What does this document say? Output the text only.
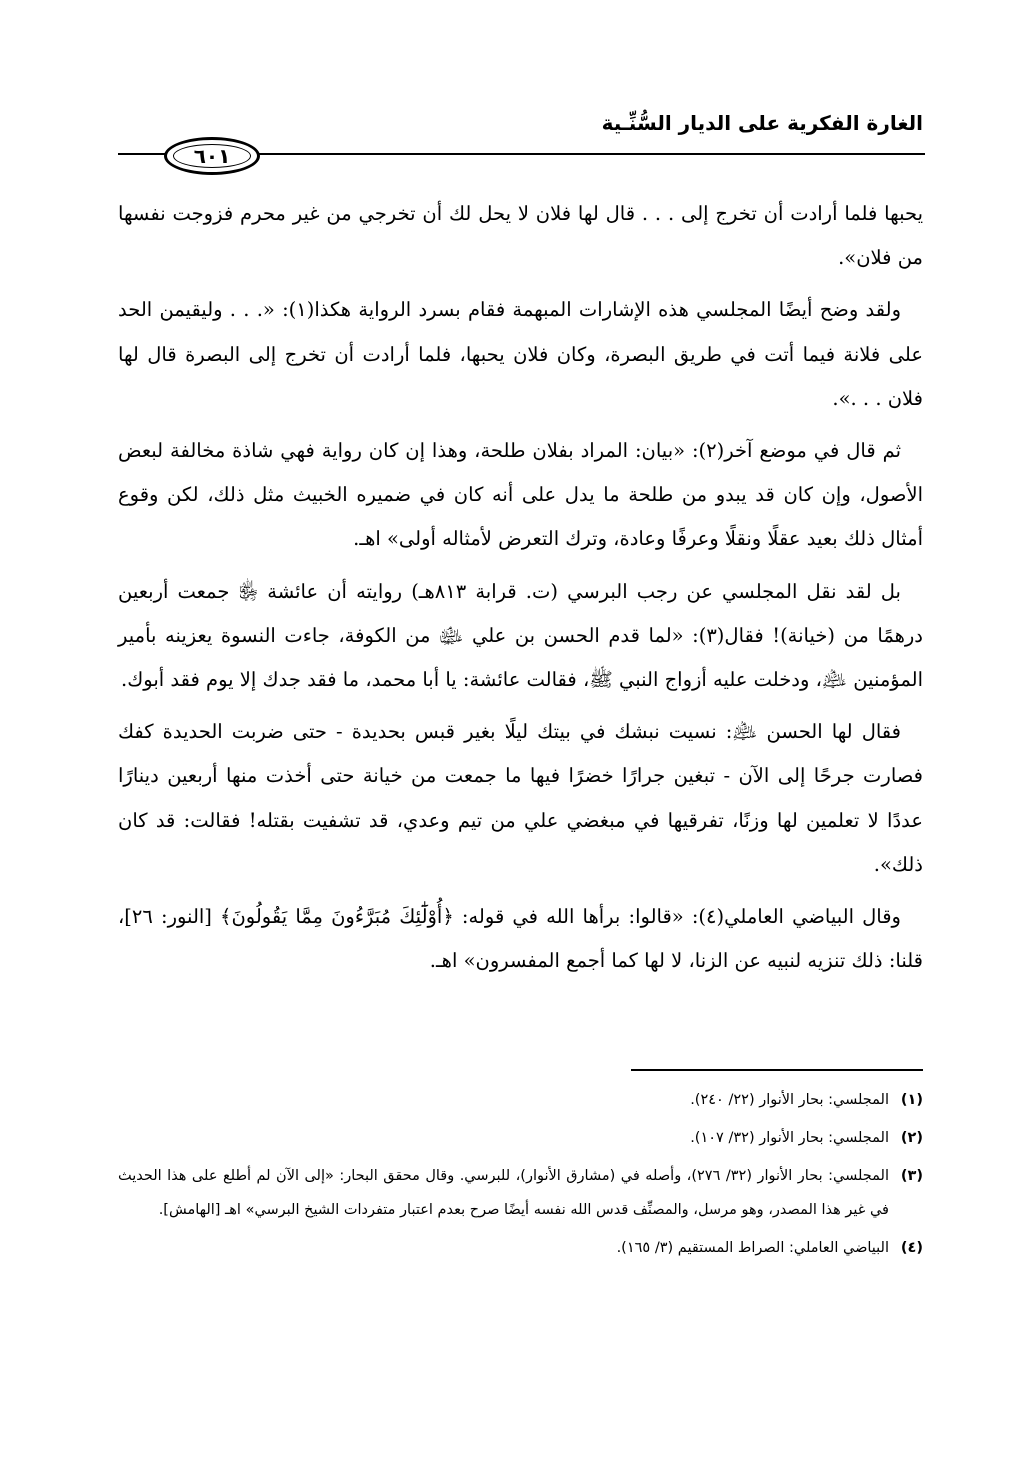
الغارة الفكرية على الديار السُّنِّـية
٦٠١

يحبها فلما أرادت أن تخرج إلى . . . قال لها فلان لا يحل لك أن تخرجي من غير محرم فزوجت نفسها من فلان».

ولقد وضح أيضًا المجلسي هذه الإشارات المبهمة فقام بسرد الرواية هكذا(١): «. . . وليقيمن الحد على فلانة فيما أتت في طريق البصرة، وكان فلان يحبها، فلما أرادت أن تخرج إلى البصرة قال لها فلان . . .».

ثم قال في موضع آخر(٢): «بيان: المراد بفلان طلحة، وهذا إن كان رواية فهي شاذة مخالفة لبعض الأصول، وإن كان قد يبدو من طلحة ما يدل على أنه كان في ضميره الخبيث مثل ذلك، لكن وقوع أمثال ذلك بعيد عقلًا ونقلًا وعرفًا وعادة، وترك التعرض لأمثاله أولى» اهـ.

بل لقد نقل المجلسي عن رجب البرسي (ت. قرابة ٨١٣هـ) روايته أن عائشة ﵂ جمعت أربعين درهمًا من (خيانة)! فقال(٣): «لما قدم الحسن بن علي ﵉ من الكوفة، جاءت النسوة يعزينه بأمير المؤمنين ﵇، ودخلت عليه أزواج النبي ﷺ، فقالت عائشة: يا أبا محمد، ما فقد جدك إلا يوم فقد أبوك.

فقال لها الحسن ﵇: نسيت نبشك في بيتك ليلًا بغير قبس بحديدة - حتى ضربت الحديدة كفك فصارت جرحًا إلى الآن - تبغين جرارًا خضرًا فيها ما جمعت من خيانة حتى أخذت منها أربعين دينارًا عددًا لا تعلمين لها وزنًا، تفرقيها في مبغضي علي من تيم وعدي، قد تشفيت بقتله! فقالت: قد كان ذلك».

وقال البياضي العاملي(٤): «قالوا: برأها الله في قوله: ﴿أُوْلَٰٓئِكَ مُبَرَّءُونَ مِمَّا يَقُولُونَ﴾ [النور: ٢٦]، قلنا: ذلك تنزيه لنبيه عن الزنا، لا لها كما أجمع المفسرون» اهـ.

(١)
المجلسي: بحار الأنوار (٢٢/ ٢٤٠).
(٢)
المجلسي: بحار الأنوار (٣٢/ ١٠٧).
(٣)
المجلسي: بحار الأنوار (٣٢/ ٢٧٦)، وأصله في (مشارق الأنوار)، للبرسي. وقال محقق البحار: «إلى الآن لم أطلع على هذا الحديث في غير هذا المصدر، وهو مرسل، والمصنِّف قدس الله نفسه أيضًا صرح بعدم اعتبار متفردات الشيخ البرسي» اهـ [الهامش].
(٤)
البياضي العاملي: الصراط المستقيم (٣/ ١٦٥).
